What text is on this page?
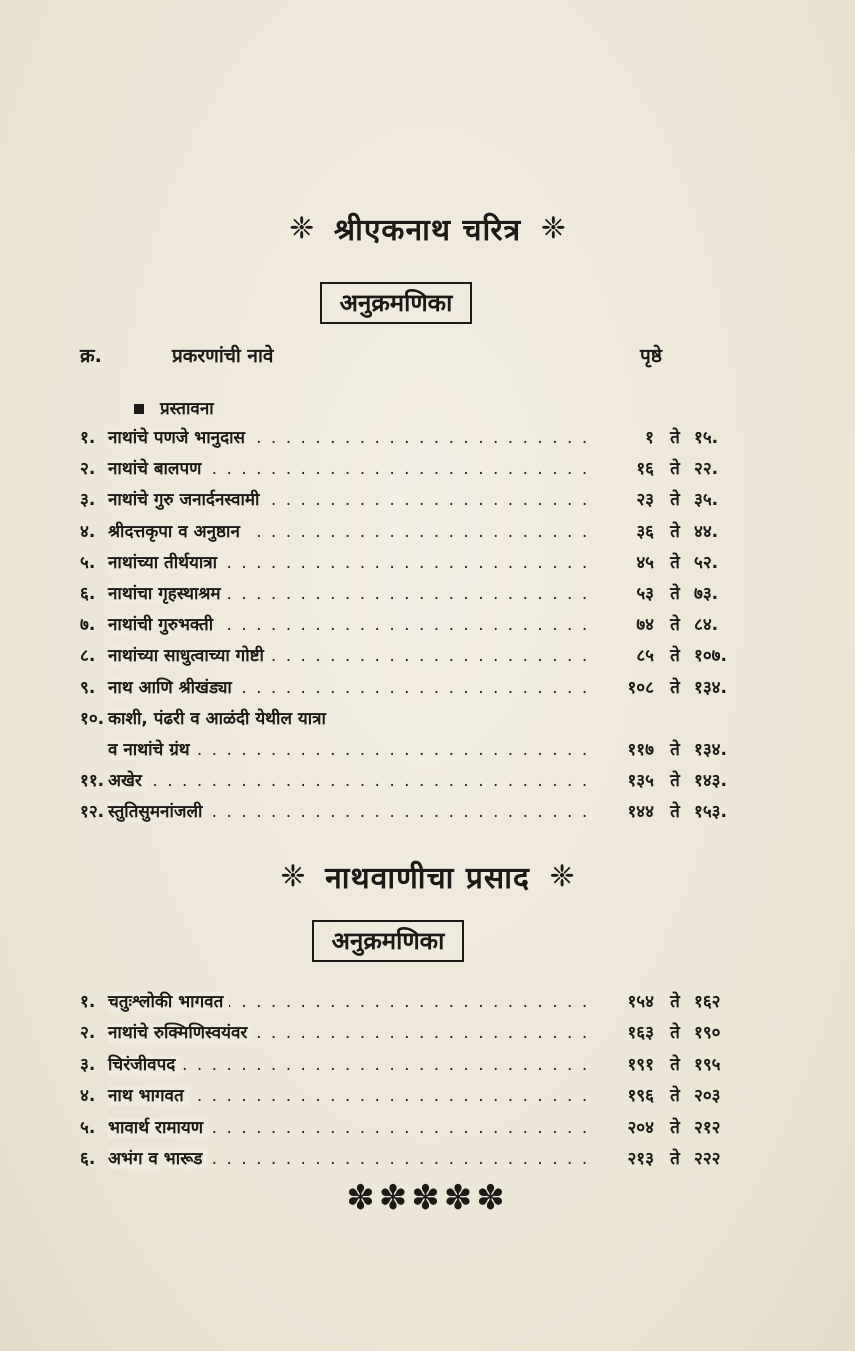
❈ श्रीएकनाथ चरित्र ❈
अनुक्रमणिका
क्र.	प्रकरणांची नावे	पृष्ठे
प्रस्तावना
. . .
१. नाथांचे पणजे भानुदास	१ ते १५.
. . .
२. नाथांचे बालपण	१६ ते २२.
. . .
३. नाथांचे गुरु जनार्दनस्वामी	२३ ते ३५.
. . .
४. श्रीदत्तकृपा व अनुष्ठान	३६ ते ४४.
. . .
५. नाथांच्या तीर्थयात्रा	४५ ते ५२.
. . .
६. नाथांचा गृहस्थाश्रम	५३ ते ७३.
. . .
७. नाथांची गुरुभक्ती	७४ ते ८४.
. . .
८. नाथांच्या साधुत्वाच्या गोष्टी	८५ ते १०७.
. . .
९. नाथ आणि श्रीखंड्या	१०८ ते १३४.
१०. काशी, पंढरी व आळंदी येथील यात्रा
. . .
व नाथांचे ग्रंथ	११७ ते १३४.
. . .
११. अखेर	१३५ ते १४३.
. . .
१२. स्तुतिसुमनांजली	१४४ ते १५३.
❈ नाथवाणीचा प्रसाद ❈
अनुक्रमणिका
. . .
१. चतुःश्लोकी भागवत	१५४ ते १६२
. . .
२. नाथांचे रुक्मिणिस्वयंवर	१६३ ते १९०
. . .
३. चिरंजीवपद	१९१ ते १९५
. . .
४. नाथ भागवत	१९६ ते २०३
. . .
५. भावार्थ रामायण	२०४ ते २१२
. . .
६. अभंग व भारूड	२१३ ते २२२
✽✽✽✽✽
